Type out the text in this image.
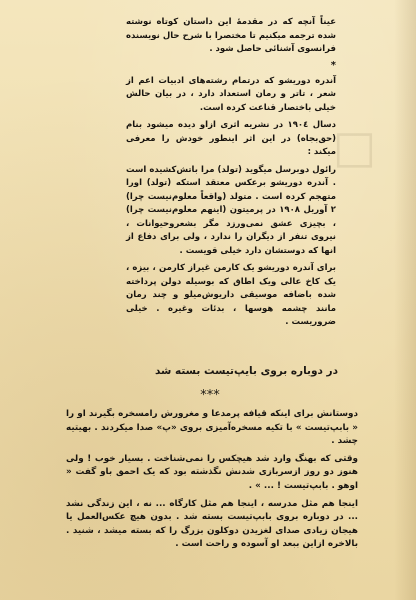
☐

عیناً آنچه که در مقدمهٔ این داستان کوتاه نوشته شده ترجمه میکنیم تا مختصرا با شرح حال نویسنده فرانسوی آشنائی حاصل شود .

*

آندره دوریشو که درتمام رشته‌های ادبیات اعم از شعر ، تاتر و رمان استعداد دارد ، در بیان حالش خیلی باختصار قناعت کرده است.

دسال ۱۹۰٤ در نشریه اثری ازاو دیده میشود بنام (حق‌بجاه) در این اثر اینطور خودش را معرفی میکند :

رائول دوبرسل میگوید (تولد) مرا باتش‌کشیده است . آندره دوریشو برعکس معتقد استکه (تولد) اورا متهجم کرده است . متولد (واقعاً معلوم‌نیست چرا) ۲ آوریل ۱۹۰۸ در پرمیتون (اینهم معلوم‌نیست چرا) ، بچیزی عشق نمی‌ورزد مگر بشعروحیوانات ، نیروی تنفر از دیگران را ندارد ، ولی برای دفاع از انها که دوستشان دارد خیلی قویست .

برای آندره دوریشو یک کارمن غیراز کارمن ، بیزه ، یک کاخ عالی ویک اطاق که بوسیله دولن پرداخته شده باضافه موسیقی داریوش‌میلو و چند رمان مانند چشمه هوسها ، بدئات وغیره . خیلی ضروریست .

در دوباره بروی بایپ‌تیست بسته شد
***

دوستانش برای اینکه قیافه پرمدعا و مغرورش رامسخره بگیرند او را « بابپ‌تیست » با تکیه مسخره‌آمیزی بروی «پ» صدا میکردند . بهیتیه چشد .

وقتی که بهنگ وارد شد هیچکس را نمی‌شناخت . بسیار خوب ! ولی هنوز دو روز ازسربازی شدنش نگذشته بود که یک احمق باو گفت « اوهو . بابپ‌تیست ! ... » .

اینجا هم مثل مدرسه ، اینجا هم مثل کارگاه ... نه ، این زندگی نشد ... در دوباره بروی بابپ‌تیست بسته شد . بدون هیچ عکس‌العمل یا هیجان زیادی صدای لغزیدن دوکلون بزرگ را که بسته میشد ، شنید . بالاخره ازاین ببعد او آسوده و راحت است .
